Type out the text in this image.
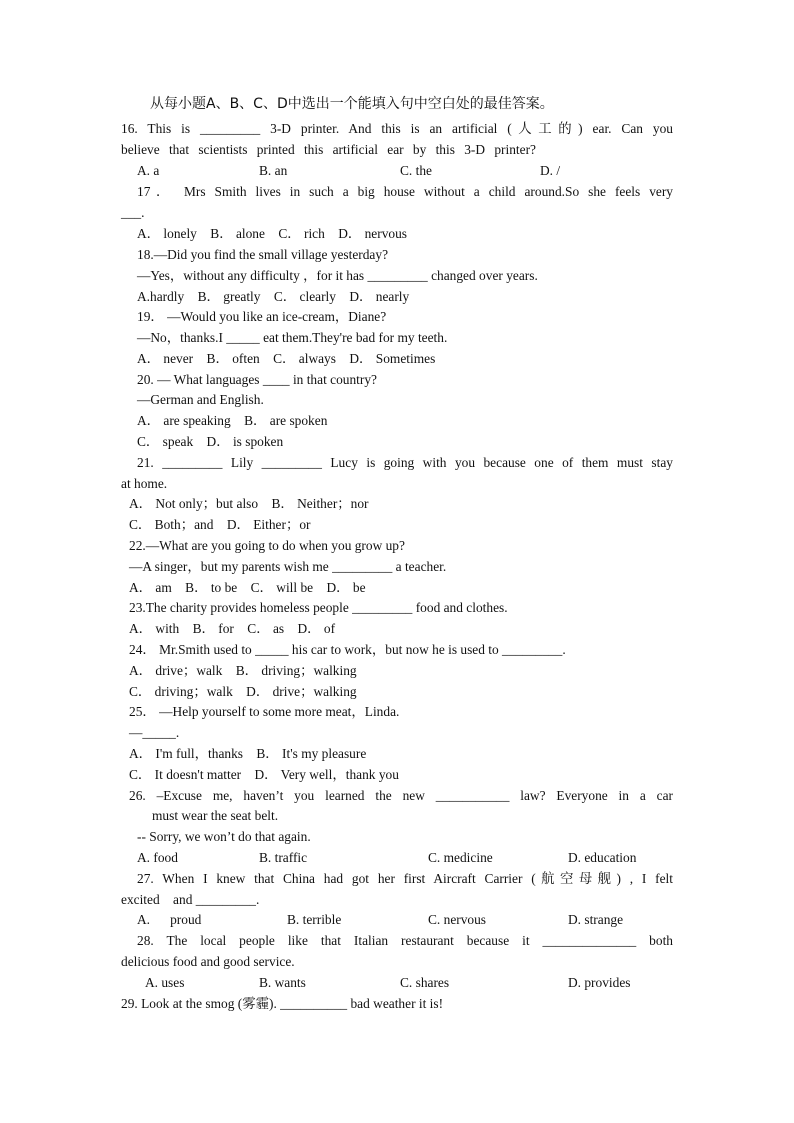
从每小题A、B、C、D中选出一个能填入句中空白处的最佳答案。
16. This is _________ 3-D printer. And this is an artificial (人工的) ear. Can you
believe that scientists printed this artificial ear by this 3-D printer?
A. a	B. an	C. the	D. /
17． Mrs Smith lives in such a big house without a child around.So she feels very
___.
A． lonely    B． alone    C． rich    D． nervous
18.—Did you find the small village yesterday?
—Yes，without any difficulty ，for it has _________ changed over years.
A.hardly    B． greatly    C． clearly    D． nearly
19． —Would you like an ice-cream，Diane?
—No，thanks.I _____ eat them.They're bad for my teeth.
A． never    B． often    C． always    D． Sometimes
20. — What languages ____ in that country?
—German and English.
A． are speaking    B． are spoken
C． speak    D． is spoken
21. _________ Lily _________ Lucy is going with you because one of them must stay
at home.
A． Not only；but also    B． Neither；nor
C． Both；and    D． Either；or
22.—What are you going to do when you grow up?
—A singer，but my parents wish me _________ a teacher.
A． am    B． to be    C． will be    D． be
23.The charity provides homeless people _________ food and clothes.
A． with    B． for    C． as    D． of
24． Mr.Smith used to _____ his car to work，but now he is used to _________.
A． drive；walk    B． driving；walking
C． driving；walk    D． drive；walking
25． —Help yourself to some more meat，Linda.
—_____.
A． I'm full，thanks    B． It's my pleasure
C． It doesn't matter    D． Very well，thank you
26. –Excuse me, haven’t you learned the new ___________ law? Everyone in a car
must wear the seat belt.
-- Sorry, we won’t do that again.
A. food	B. traffic	C. medicine	D. education
27. When I knew that China had got her first Aircraft Carrier (航空母舰) , I felt
excited    and _________.
A.      proud	B. terrible	C. nervous	D. strange
28. The local people like that Italian restaurant because it ______________ both
delicious food and good service.
A. uses	B. wants	C. shares	D. provides
29. Look at the smog (雾霾). __________ bad weather it is!
